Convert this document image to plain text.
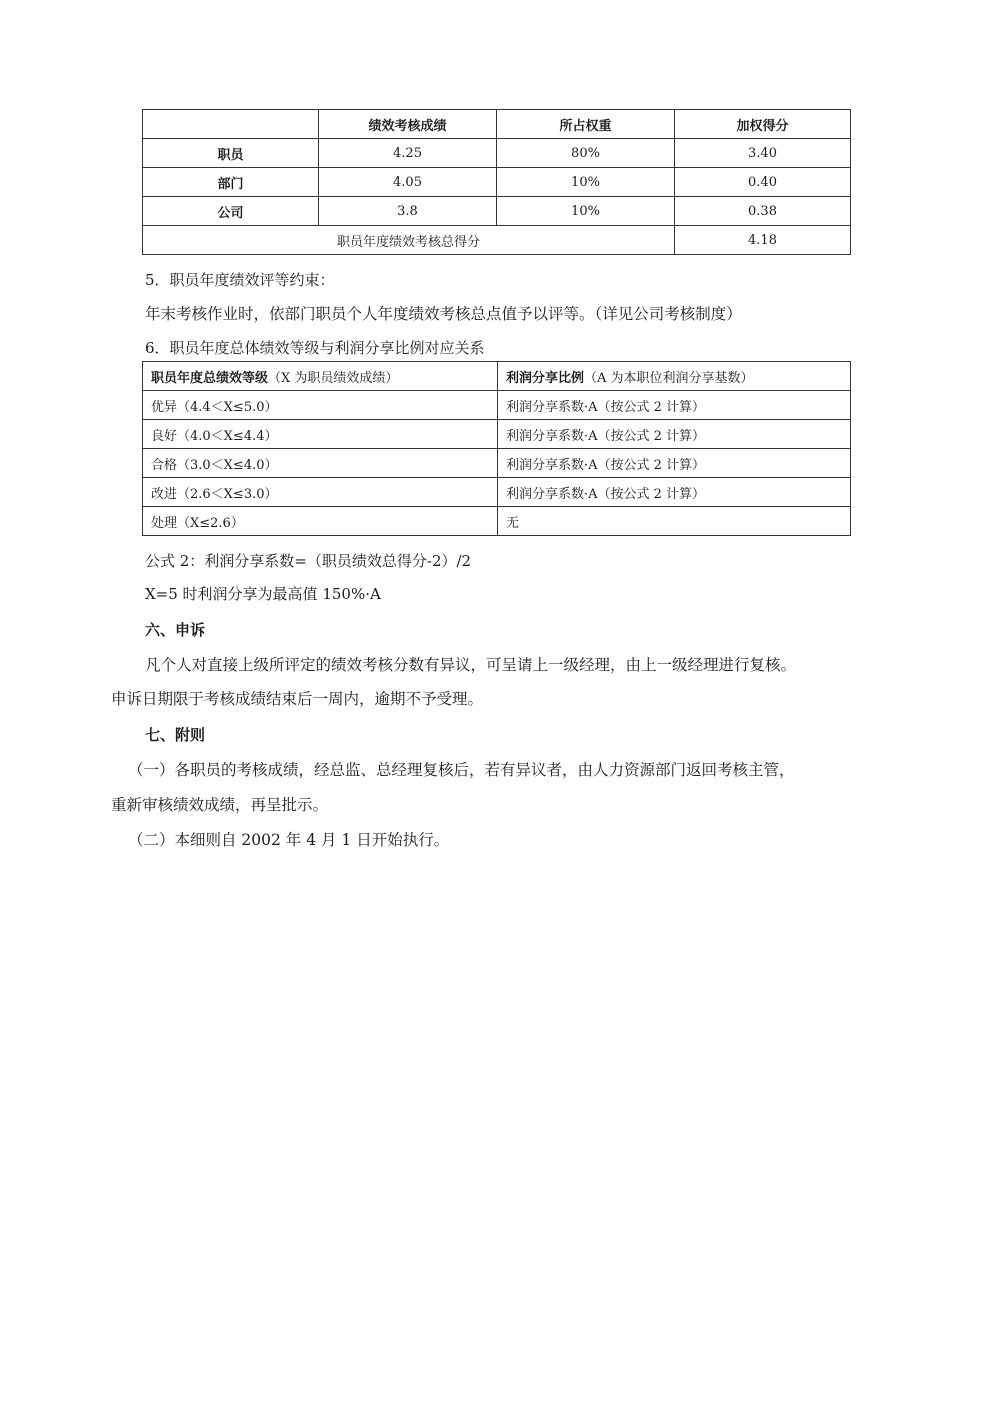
	绩效考核成绩	所占权重	加权得分
职员	4.25	80%	3.40
部门	4.05	10%	0.40
公司	3.8	10%	0.38
职员年度绩效考核总得分			4.18
5．职员年度绩效评等约束：
年末考核作业时，依部门职员个人年度绩效考核总点值予以评等。（详见公司考核制度）
6．职员年度总体绩效等级与利润分享比例对应关系
职员年度总绩效等级（X 为职员绩效成绩）	利润分享比例（A 为本职位利润分享基数）
优异（4.4＜X≤5.0）	利润分享系数·A（按公式 2 计算）
良好（4.0＜X≤4.4）	利润分享系数·A（按公式 2 计算）
合格（3.0＜X≤4.0）	利润分享系数·A（按公式 2 计算）
改进（2.6＜X≤3.0）	利润分享系数·A（按公式 2 计算）
处理（X≤2.6）	无
公式 2：利润分享系数=（职员绩效总得分-2）/2
X=5 时利润分享为最高值 150%·A
六、申诉
凡个人对直接上级所评定的绩效考核分数有异议，可呈请上一级经理，由上一级经理进行复核。
申诉日期限于考核成绩结束后一周内，逾期不予受理。
七、附则
（一）各职员的考核成绩，经总监、总经理复核后，若有异议者，由人力资源部门返回考核主管，
重新审核绩效成绩，再呈批示。
（二）本细则自 2002 年 4 月 1 日开始执行。
